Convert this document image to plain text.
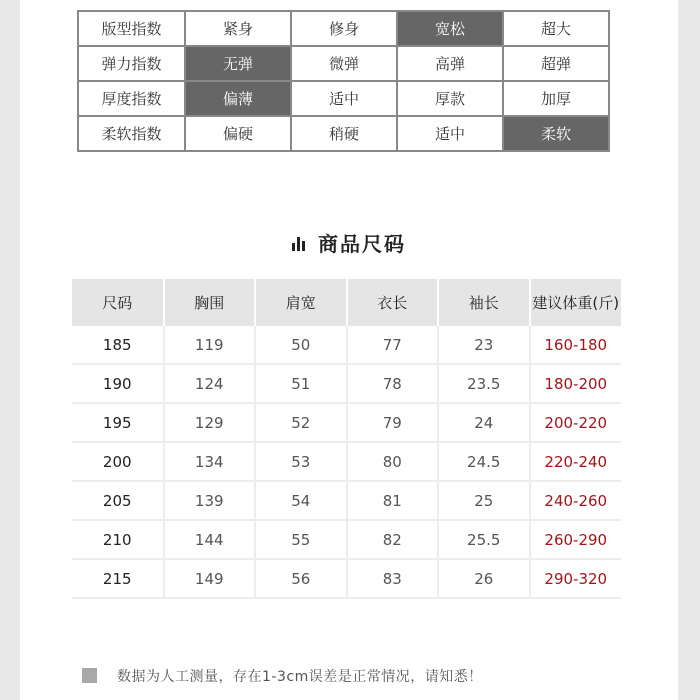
版型指数	紧身	修身	宽松	超大
弹力指数	无弹	微弹	高弹	超弹
厚度指数	偏薄	适中	厚款	加厚
柔软指数	偏硬	稍硬	适中	柔软
商品尺码
尺码	胸围	肩宽	衣长	袖长	建议体重(斤)
185	119	50	77	23	160-180
190	124	51	78	23.5	180-200
195	129	52	79	24	200-220
200	134	53	80	24.5	220-240
205	139	54	81	25	240-260
210	144	55	82	25.5	260-290
215	149	56	83	26	290-320
数据为人工测量，存在1-3cm误差是正常情况，请知悉！
